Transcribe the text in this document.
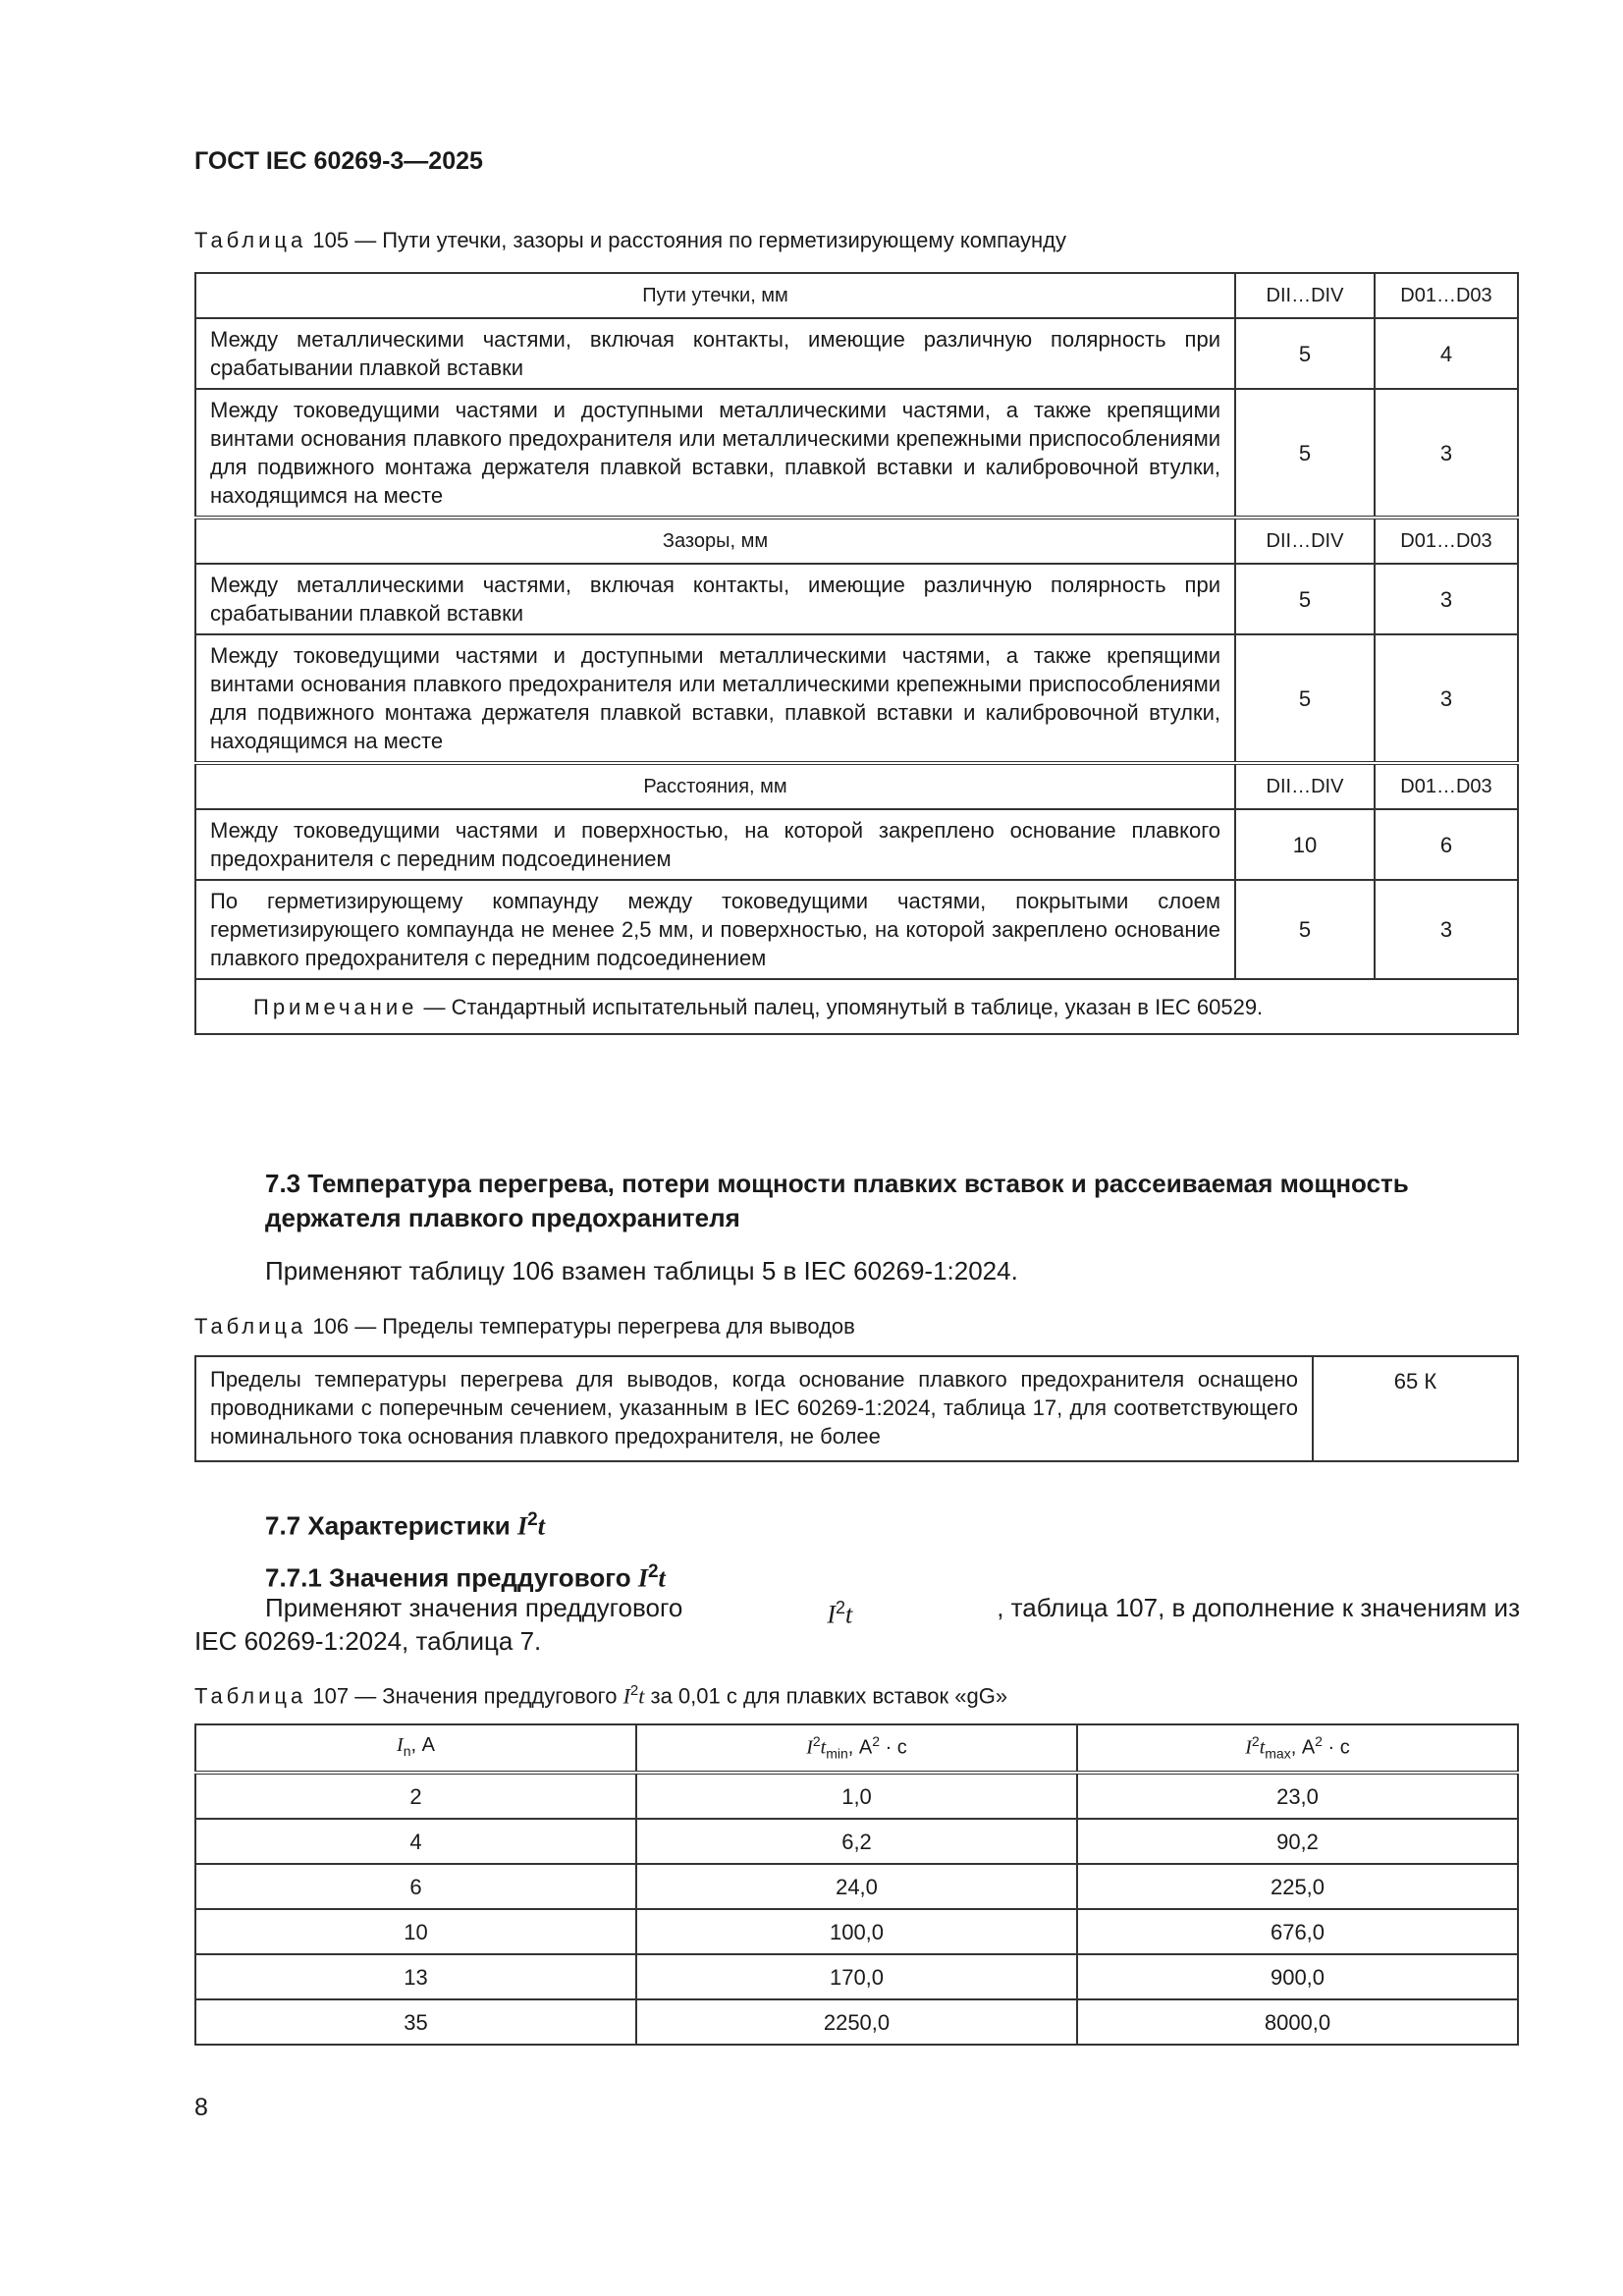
ГОСТ IEC 60269-3—2025
Таблица 105 — Пути утечки, зазоры и расстояния по герметизирующему компаунду
Пути утечки, мм	DII…DIV	D01…D03
Между металлическими частями, включая контакты, имеющие различную полярность при срабатывании плавкой вставки	5	4
Между токоведущими частями и доступными металлическими частями, а также крепящими винтами основания плавкого предохранителя или металлическими крепежными приспособлениями для подвижного монтажа держателя плавкой вставки, плавкой вставки и калибровочной втулки, находящимся на месте	5	3
Зазоры, мм	DII…DIV	D01…D03
Между металлическими частями, включая контакты, имеющие различную полярность при срабатывании плавкой вставки	5	3
Между токоведущими частями и доступными металлическими частями, а также крепящими винтами основания плавкого предохранителя или металлическими крепежными приспособлениями для подвижного монтажа держателя плавкой вставки, плавкой вставки и калибровочной втулки, находящимся на месте	5	3
Расстояния, мм	DII…DIV	D01…D03
Между токоведущими частями и поверхностью, на которой закреплено основание плавкого предохранителя с передним подсоединением	10	6
По герметизирующему компаунду между токоведущими частями, покрытыми слоем герметизирующего компаунда не менее 2,5 мм, и поверхностью, на которой закреплено основание плавкого предохранителя с передним подсоединением	5	3
Примечание — Стандартный испытательный палец, упомянутый в таблице, указан в IEC 60529.		
7.3 Температура перегрева, потери мощности плавких вставок и рассеиваемая мощность держателя плавкого предохранителя
Применяют таблицу 106 взамен таблицы 5 в IEC 60269-1:2024.
Таблица 106 — Пределы температуры перегрева для выводов
Пределы температуры перегрева для выводов, когда основание плавкого предохранителя оснащено проводниками с поперечным сечением, указанным в IEC 60269-1:2024, таблица 17, для соответствующего номинального тока основания плавкого предохранителя, не более	65 К
7.7 Характеристики $I^2t$
7.7.1 Значения преддугового $I^2t$
Применяют значения преддугового	$I^2t$	, таблица 107, в дополнение к значениям из
IEC 60269-1:2024, таблица 7.
Таблица 107 — Значения преддугового $I^2t$ за 0,01 с для плавких вставок «gG»
$I_n$, А	$I^2t_{min}$, $А^2 \cdot с$	$I^2t_{max}$, $А^2 \cdot с$
2	1,0	23,0
4	6,2	90,2
6	24,0	225,0
10	100,0	676,0
13	170,0	900,0
35	2250,0	8000,0
8
